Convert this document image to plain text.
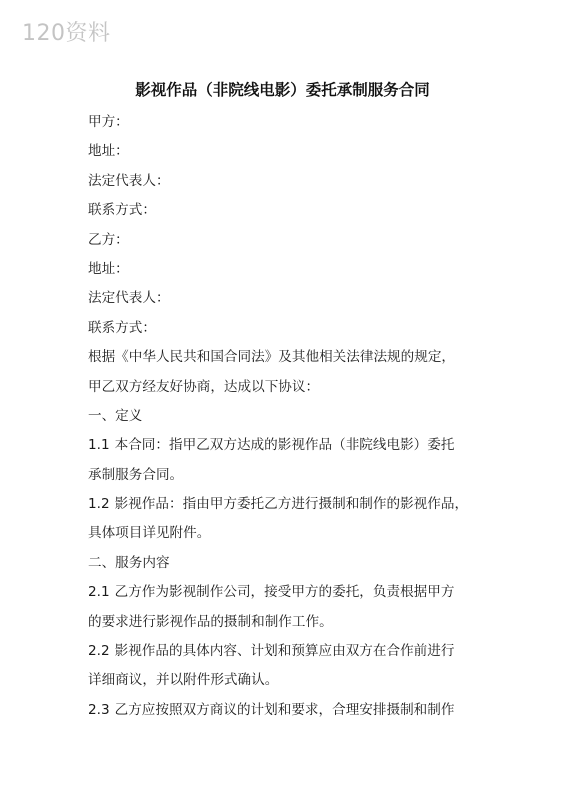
120资料
影视作品（非院线电影）委托承制服务合同
甲方：
地址：
法定代表人：
联系方式：
乙方：
地址：
法定代表人：
联系方式：
根据《中华人民共和国合同法》及其他相关法律法规的规定，
甲乙双方经友好协商，达成以下协议：
一、定义
1.1 本合同：指甲乙双方达成的影视作品（非院线电影）委托
承制服务合同。
1.2 影视作品：指由甲方委托乙方进行摄制和制作的影视作品，
具体项目详见附件。
二、服务内容
2.1 乙方作为影视制作公司，接受甲方的委托，负责根据甲方
的要求进行影视作品的摄制和制作工作。
2.2 影视作品的具体内容、计划和预算应由双方在合作前进行
详细商议，并以附件形式确认。
2.3 乙方应按照双方商议的计划和要求，合理安排摄制和制作
